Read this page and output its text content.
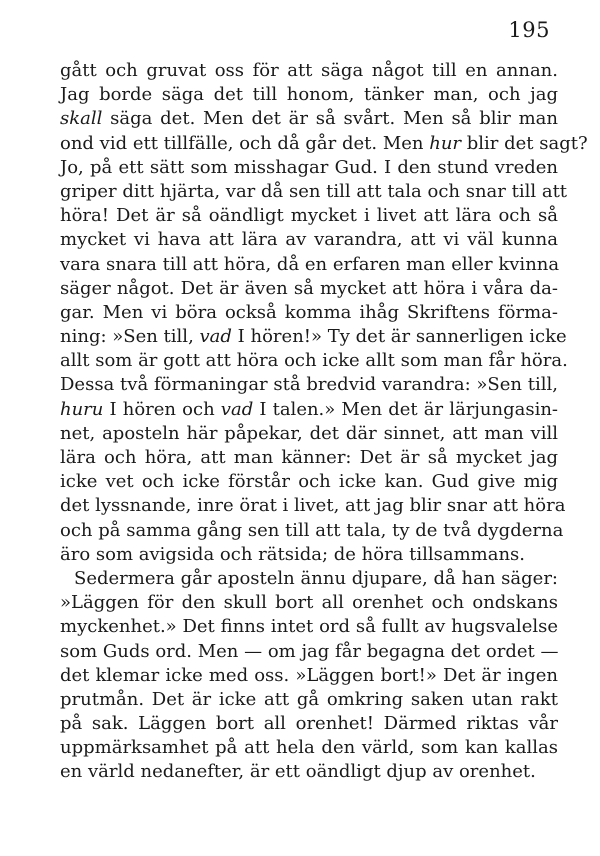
195
gått och gruvat oss för att säga något till en annan.
Jag borde säga det till honom, tänker man, och jag
skall säga det. Men det är så svårt. Men så blir man
ond vid ett tillfälle, och då går det. Men hur blir det sagt?
Jo, på ett sätt som misshagar Gud. I den stund vreden
griper ditt hjärta, var då sen till att tala och snar till att
höra! Det är så oändligt mycket i livet att lära och så
mycket vi hava att lära av varandra, att vi väl kunna
vara snara till att höra, då en erfaren man eller kvinna
säger något. Det är även så mycket att höra i våra da-
gar. Men vi böra också komma ihåg Skriftens förma-
ning: »Sen till, vad I hören!» Ty det är sannerligen icke
allt som är gott att höra och icke allt som man får höra.
Dessa två förmaningar stå bredvid varandra: »Sen till,
huru I hören och vad I talen.» Men det är lärjungasin-
net, aposteln här påpekar, det där sinnet, att man vill
lära och höra, att man känner: Det är så mycket jag
icke vet och icke förstår och icke kan. Gud give mig
det lyssnande, inre örat i livet, att jag blir snar att höra
och på samma gång sen till att tala, ty de två dygderna
äro som avigsida och rätsida; de höra tillsammans.
Sedermera går aposteln ännu djupare, då han säger:
»Läggen för den skull bort all orenhet och ondskans
myckenhet.» Det finns intet ord så fullt av hugsvalelse
som Guds ord. Men — om jag får begagna det ordet —
det klemar icke med oss. »Läggen bort!» Det är ingen
prutmån. Det är icke att gå omkring saken utan rakt
på sak. Läggen bort all orenhet! Därmed riktas vår
uppmärksamhet på att hela den värld, som kan kallas
en värld nedanefter, är ett oändligt djup av orenhet.
